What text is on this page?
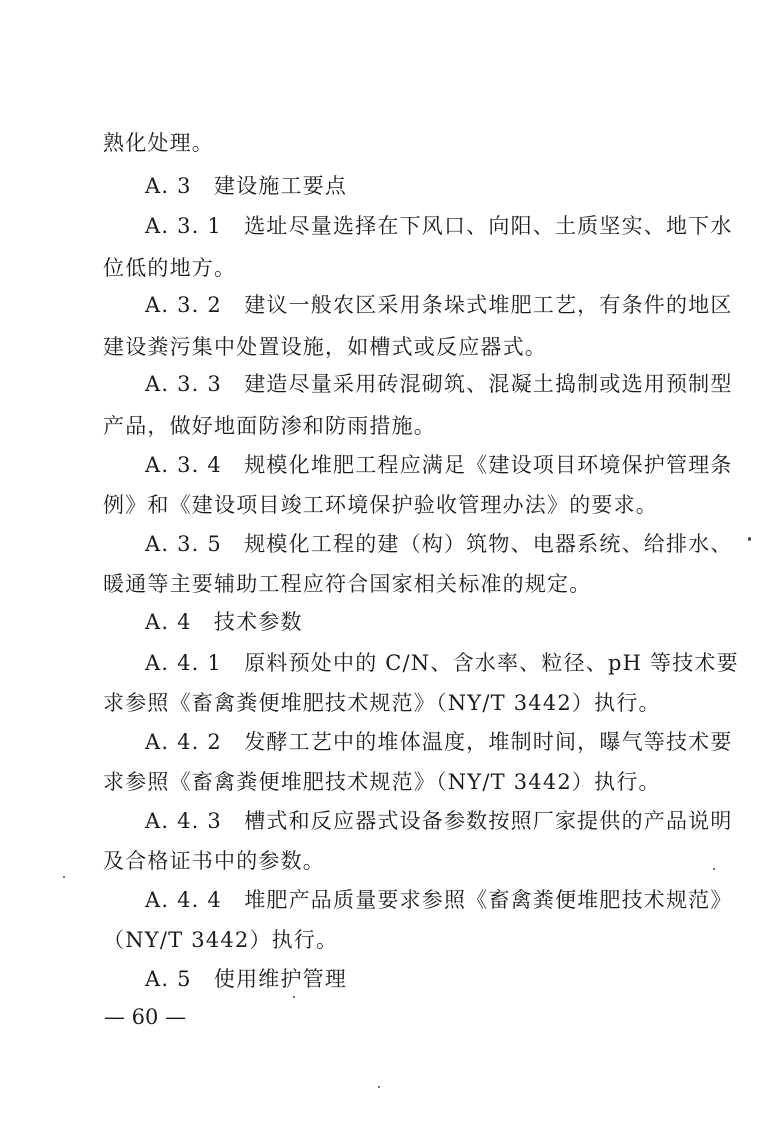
熟化处理。

A. 3　建设施工要点

A. 3. 1　选址尽量选择在下风口、向阳、土质坚实、地下水

位低的地方。

A. 3. 2　建议一般农区采用条垛式堆肥工艺，有条件的地区

建设粪污集中处置设施，如槽式或反应器式。

A. 3. 3　建造尽量采用砖混砌筑、混凝土捣制或选用预制型

产品，做好地面防渗和防雨措施。

A. 3. 4　规模化堆肥工程应满足《建设项目环境保护管理条

例》和《建设项目竣工环境保护验收管理办法》的要求。

A. 3. 5　规模化工程的建（构）筑物、电器系统、给排水、

暖通等主要辅助工程应符合国家相关标准的规定。

A. 4　技术参数

A. 4. 1　原料预处中的 C/N、含水率、粒径、pH 等技术要

求参照《畜禽粪便堆肥技术规范》（NY/T 3442）执行。

A. 4. 2　发酵工艺中的堆体温度，堆制时间，曝气等技术要

求参照《畜禽粪便堆肥技术规范》（NY/T 3442）执行。

A. 4. 3　槽式和反应器式设备参数按照厂家提供的产品说明

及合格证书中的参数。

A. 4. 4　堆肥产品质量要求参照《畜禽粪便堆肥技术规范》

（NY/T 3442）执行。

A. 5　使用维护管理

— 60 —
